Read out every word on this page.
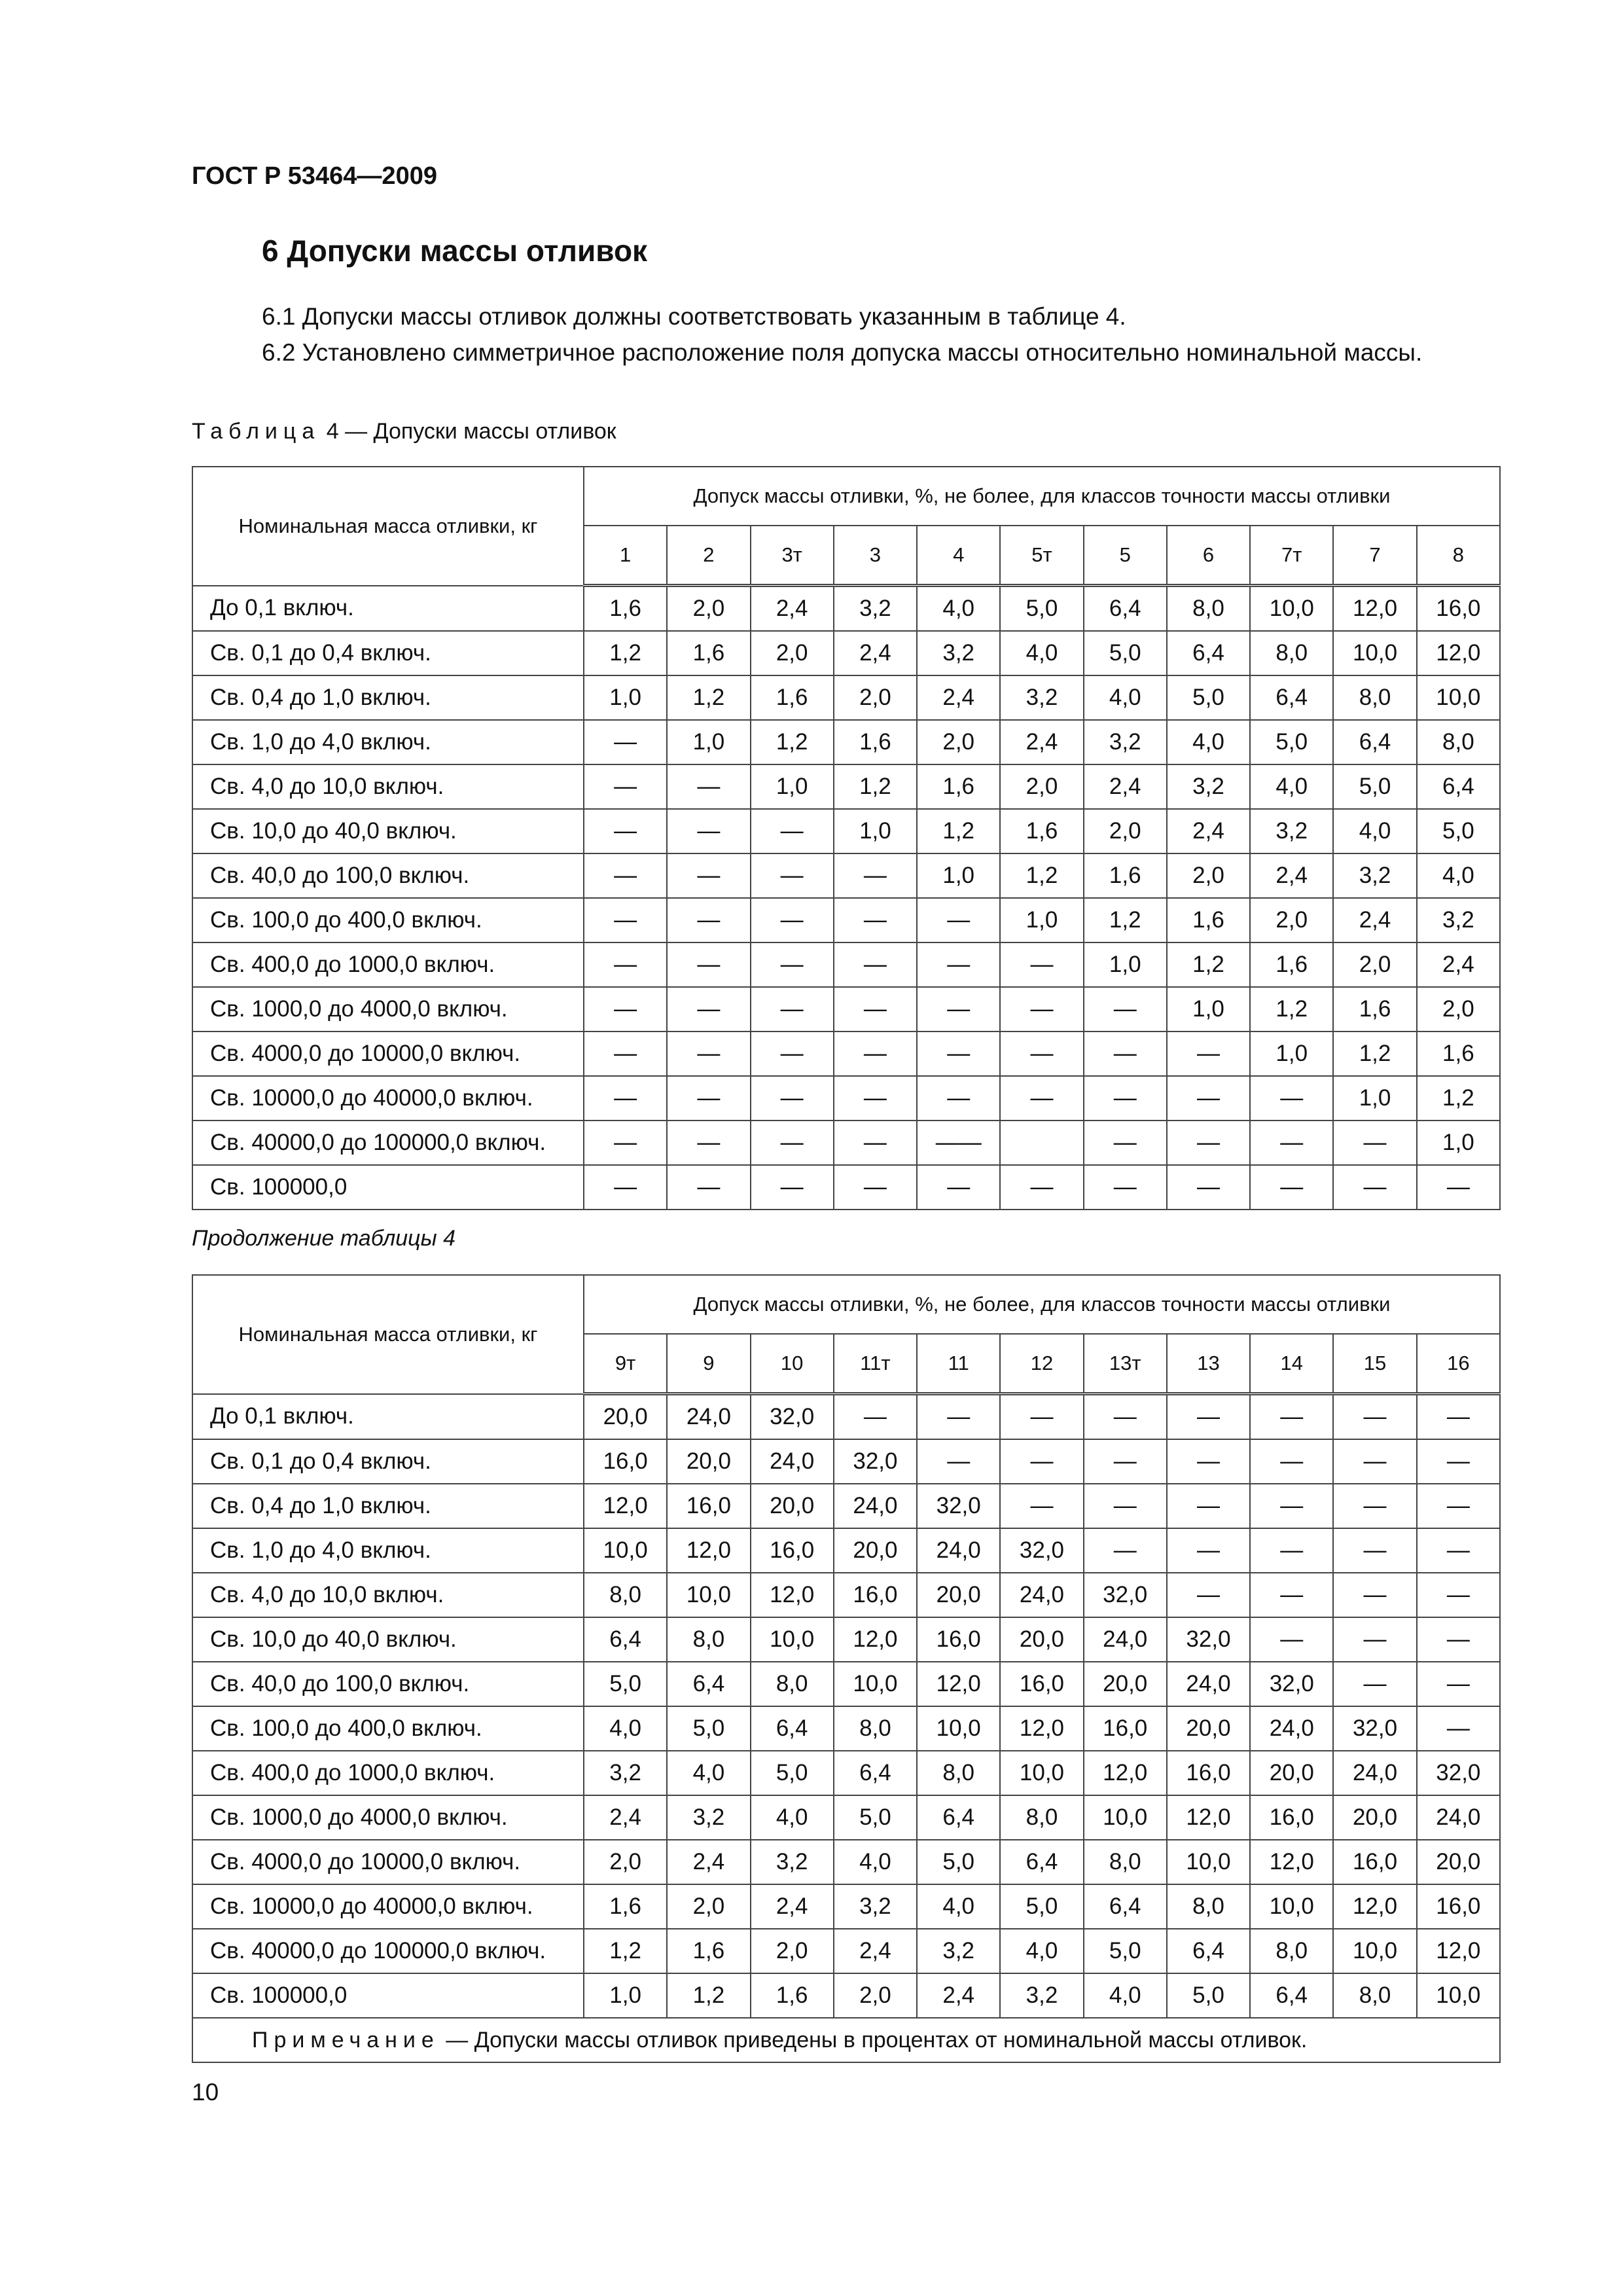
ГОСТ Р 53464—2009
6 Допуски массы отливок
6.1 Допуски массы отливок должны соответствовать указанным в таблице 4.
6.2 Установлено симметричное расположение поля допуска массы относительно номинальной массы.
Таблица 4 — Допуски массы отливок
Номинальная масса отливки, кг	Допуск массы отливки, %, не более, для классов точности массы отливки										
	1	2	3т	3	4	5т	5	6	7т	7	8
До 0,1 включ.	1,6	2,0	2,4	3,2	4,0	5,0	6,4	8,0	10,0	12,0	16,0
Св. 0,1 до 0,4 включ.	1,2	1,6	2,0	2,4	3,2	4,0	5,0	6,4	8,0	10,0	12,0
Св. 0,4 до 1,0 включ.	1,0	1,2	1,6	2,0	2,4	3,2	4,0	5,0	6,4	8,0	10,0
Св. 1,0 до 4,0 включ.	—	1,0	1,2	1,6	2,0	2,4	3,2	4,0	5,0	6,4	8,0
Св. 4,0 до 10,0 включ.	—	—	1,0	1,2	1,6	2,0	2,4	3,2	4,0	5,0	6,4
Св. 10,0 до 40,0 включ.	—	—	—	1,0	1,2	1,6	2,0	2,4	3,2	4,0	5,0
Св. 40,0 до 100,0 включ.	—	—	—	—	1,0	1,2	1,6	2,0	2,4	3,2	4,0
Св. 100,0 до 400,0 включ.	—	—	—	—	—	1,0	1,2	1,6	2,0	2,4	3,2
Св. 400,0 до 1000,0 включ.	—	—	—	—	—	—	1,0	1,2	1,6	2,0	2,4
Св. 1000,0 до 4000,0 включ.	—	—	—	—	—	—	—	1,0	1,2	1,6	2,0
Св. 4000,0 до 10000,0 включ.	—	—	—	—	—	—	—	—	1,0	1,2	1,6
Св. 10000,0 до 40000,0 включ.	—	—	—	—	—	—	—	—	—	1,0	1,2
Св. 40000,0 до 100000,0 включ.	—	—	—	—	——		—	—	—	—	1,0
Св. 100000,0	—	—	—	—	—	—	—	—	—	—	—
Продолжение таблицы 4
Номинальная масса отливки, кг	Допуск массы отливки, %, не более, для классов точности массы отливки										
	9т	9	10	11т	11	12	13т	13	14	15	16
До 0,1 включ.	20,0	24,0	32,0	—	—	—	—	—	—	—	—
Св. 0,1 до 0,4 включ.	16,0	20,0	24,0	32,0	—	—	—	—	—	—	—
Св. 0,4 до 1,0 включ.	12,0	16,0	20,0	24,0	32,0	—	—	—	—	—	—
Св. 1,0 до 4,0 включ.	10,0	12,0	16,0	20,0	24,0	32,0	—	—	—	—	—
Св. 4,0 до 10,0 включ.	8,0	10,0	12,0	16,0	20,0	24,0	32,0	—	—	—	—
Св. 10,0 до 40,0 включ.	6,4	8,0	10,0	12,0	16,0	20,0	24,0	32,0	—	—	—
Св. 40,0 до 100,0 включ.	5,0	6,4	8,0	10,0	12,0	16,0	20,0	24,0	32,0	—	—
Св. 100,0 до 400,0 включ.	4,0	5,0	6,4	8,0	10,0	12,0	16,0	20,0	24,0	32,0	—
Св. 400,0 до 1000,0 включ.	3,2	4,0	5,0	6,4	8,0	10,0	12,0	16,0	20,0	24,0	32,0
Св. 1000,0 до 4000,0 включ.	2,4	3,2	4,0	5,0	6,4	8,0	10,0	12,0	16,0	20,0	24,0
Св. 4000,0 до 10000,0 включ.	2,0	2,4	3,2	4,0	5,0	6,4	8,0	10,0	12,0	16,0	20,0
Св. 10000,0 до 40000,0 включ.	1,6	2,0	2,4	3,2	4,0	5,0	6,4	8,0	10,0	12,0	16,0
Св. 40000,0 до 100000,0 включ.	1,2	1,6	2,0	2,4	3,2	4,0	5,0	6,4	8,0	10,0	12,0
Св. 100000,0	1,0	1,2	1,6	2,0	2,4	3,2	4,0	5,0	6,4	8,0	10,0
Примечание — Допуски массы отливок приведены в процентах от номинальной массы отливок.											
10
